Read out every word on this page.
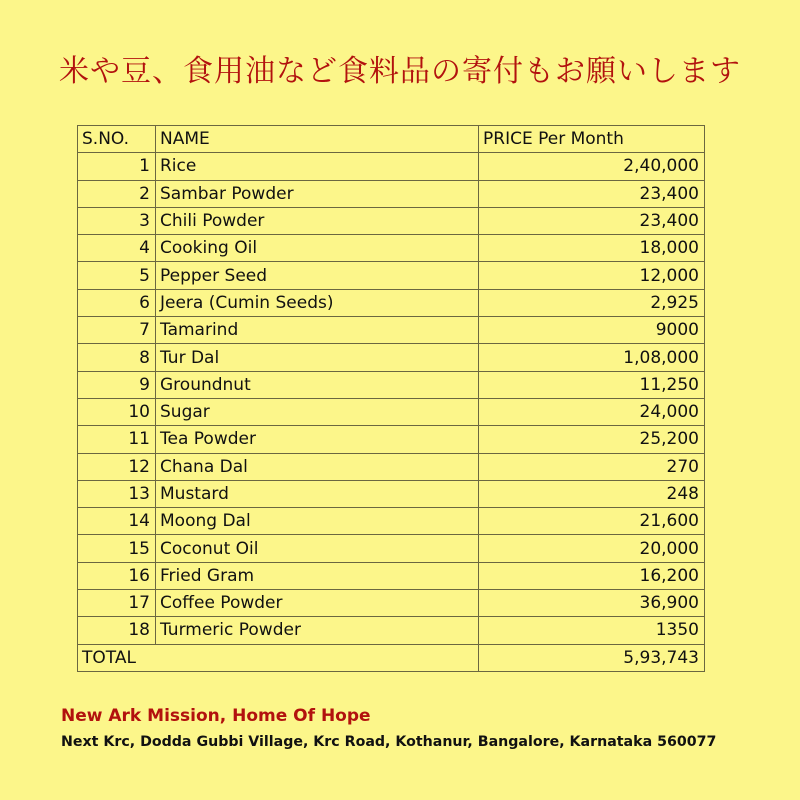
米や豆、食用油など食料品の寄付もお願いします
S.NO.	NAME	PRICE Per Month
1	Rice	2,40,000
2	Sambar Powder	23,400
3	Chili Powder	23,400
4	Cooking Oil	18,000
5	Pepper Seed	12,000
6	Jeera (Cumin Seeds)	2,925
7	Tamarind	9000
8	Tur Dal	1,08,000
9	Groundnut	11,250
10	Sugar	24,000
11	Tea Powder	25,200
12	Chana Dal	270
13	Mustard	248
14	Moong Dal	21,600
15	Coconut Oil	20,000
16	Fried Gram	16,200
17	Coffee Powder	36,900
18	Turmeric Powder	1350
TOTAL		5,93,743
New Ark Mission, Home Of Hope
Next Krc, Dodda Gubbi Village, Krc Road, Kothanur, Bangalore, Karnataka 560077
